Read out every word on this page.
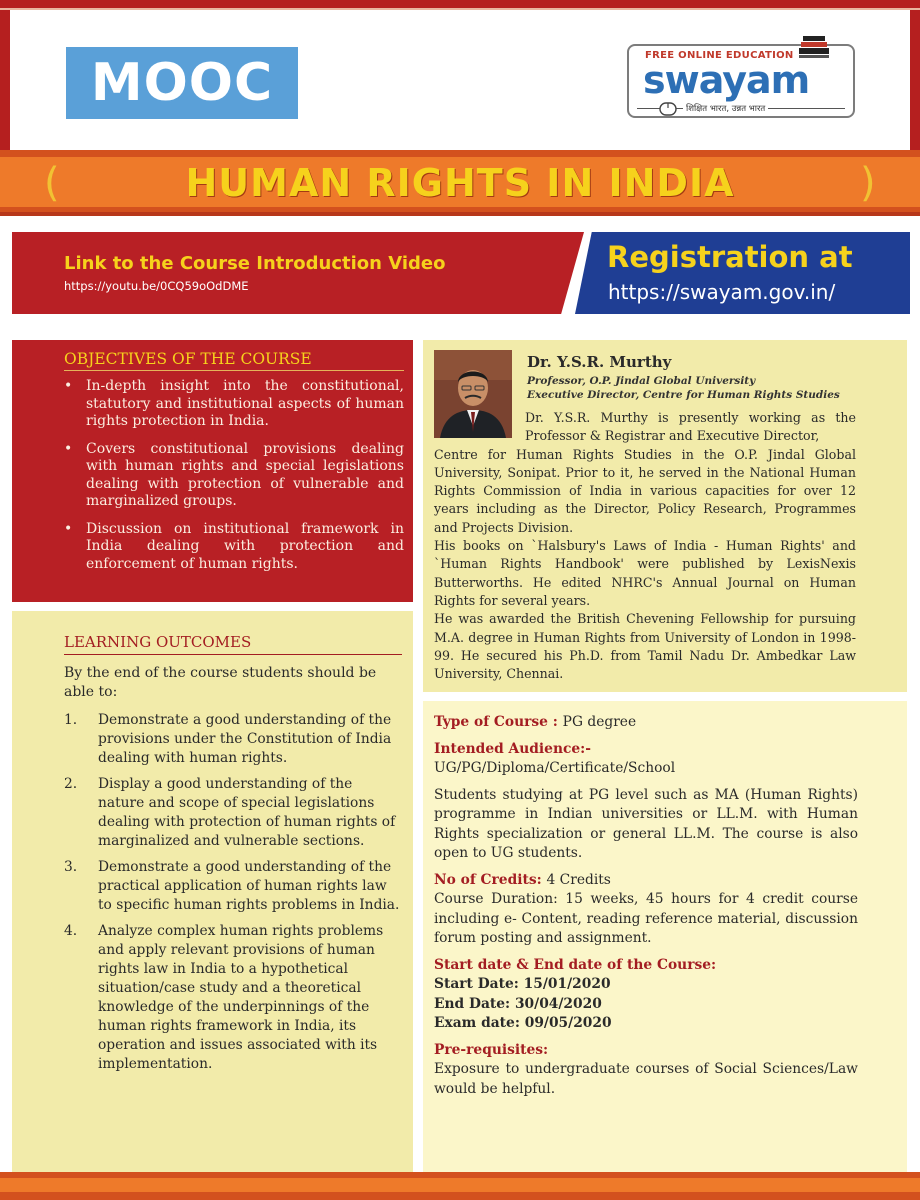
MOOC	FREE ONLINE EDUCATION
swayam
शिक्षित भारत, उन्नत भारत
(	)
HUMAN RIGHTS IN INDIA
Link to the Course Introduction Video
https://youtu.be/0CQ59oOdDME
Registration at
https://swayam.gov.in/
OBJECTIVES OF THE COURSE
• In-depth insight into the constitutional, statutory and institutional aspects of human rights protection in India.
• Covers constitutional provisions dealing with human rights and special legislations dealing with protection of vulnerable and marginalized groups.
• Discussion on institutional framework in India dealing with protection and enforcement of human rights.
LEARNING OUTCOMES
By the end of the course students should be able to:
1. Demonstrate a good understanding of the provisions under the Constitution of India dealing with human rights.
2. Display a good understanding of the nature and scope of special legislations dealing with protection of human rights of marginalized and vulnerable sections.
3. Demonstrate a good understanding of the practical application of human rights law to specific human rights problems in India.
4. Analyze complex human rights problems and apply relevant provisions of human rights law in India to a hypothetical situation/case study and a theoretical knowledge of the underpinnings of the human rights framework in India, its operation and issues associated with its implementation.
Dr. Y.S.R. Murthy
Professor, O.P. Jindal Global University
Executive Director, Centre for Human Rights Studies

Dr. Y.S.R. Murthy is presently working as the Professor & Registrar and Executive Director,
Centre for Human Rights Studies in the O.P. Jindal Global University, Sonipat. Prior to it, he served in the National Human Rights Commission of India in various capacities for over 12 years including as the Director, Policy Research, Programmes and Projects Division.

His books on `Halsbury's Laws of India - Human Rights' and `Human Rights Handbook' were published by LexisNexis Butterworths. He edited NHRC's Annual Journal on Human Rights for several years.

He was awarded the British Chevening Fellowship for pursuing M.A. degree in Human Rights from University of London in 1998-99. He secured his Ph.D. from Tamil Nadu Dr. Ambedkar Law University, Chennai.

Type of Course : PG degree
Intended Audience:-
UG/PG/Diploma/Certificate/School
Students studying at PG level such as MA (Human Rights) programme in Indian universities or LL.M. with Human Rights specialization or general LL.M. The course is also open to UG students.
No of Credits: 4 Credits
Course Duration: 15 weeks, 45 hours for 4 credit course including e- Content, reading reference material, discussion forum posting and assignment.
Start date & End date of the Course:
Start Date: 15/01/2020
End Date: 30/04/2020
Exam date: 09/05/2020
Pre-requisites:
Exposure to undergraduate courses of Social Sciences/Law would be helpful.
